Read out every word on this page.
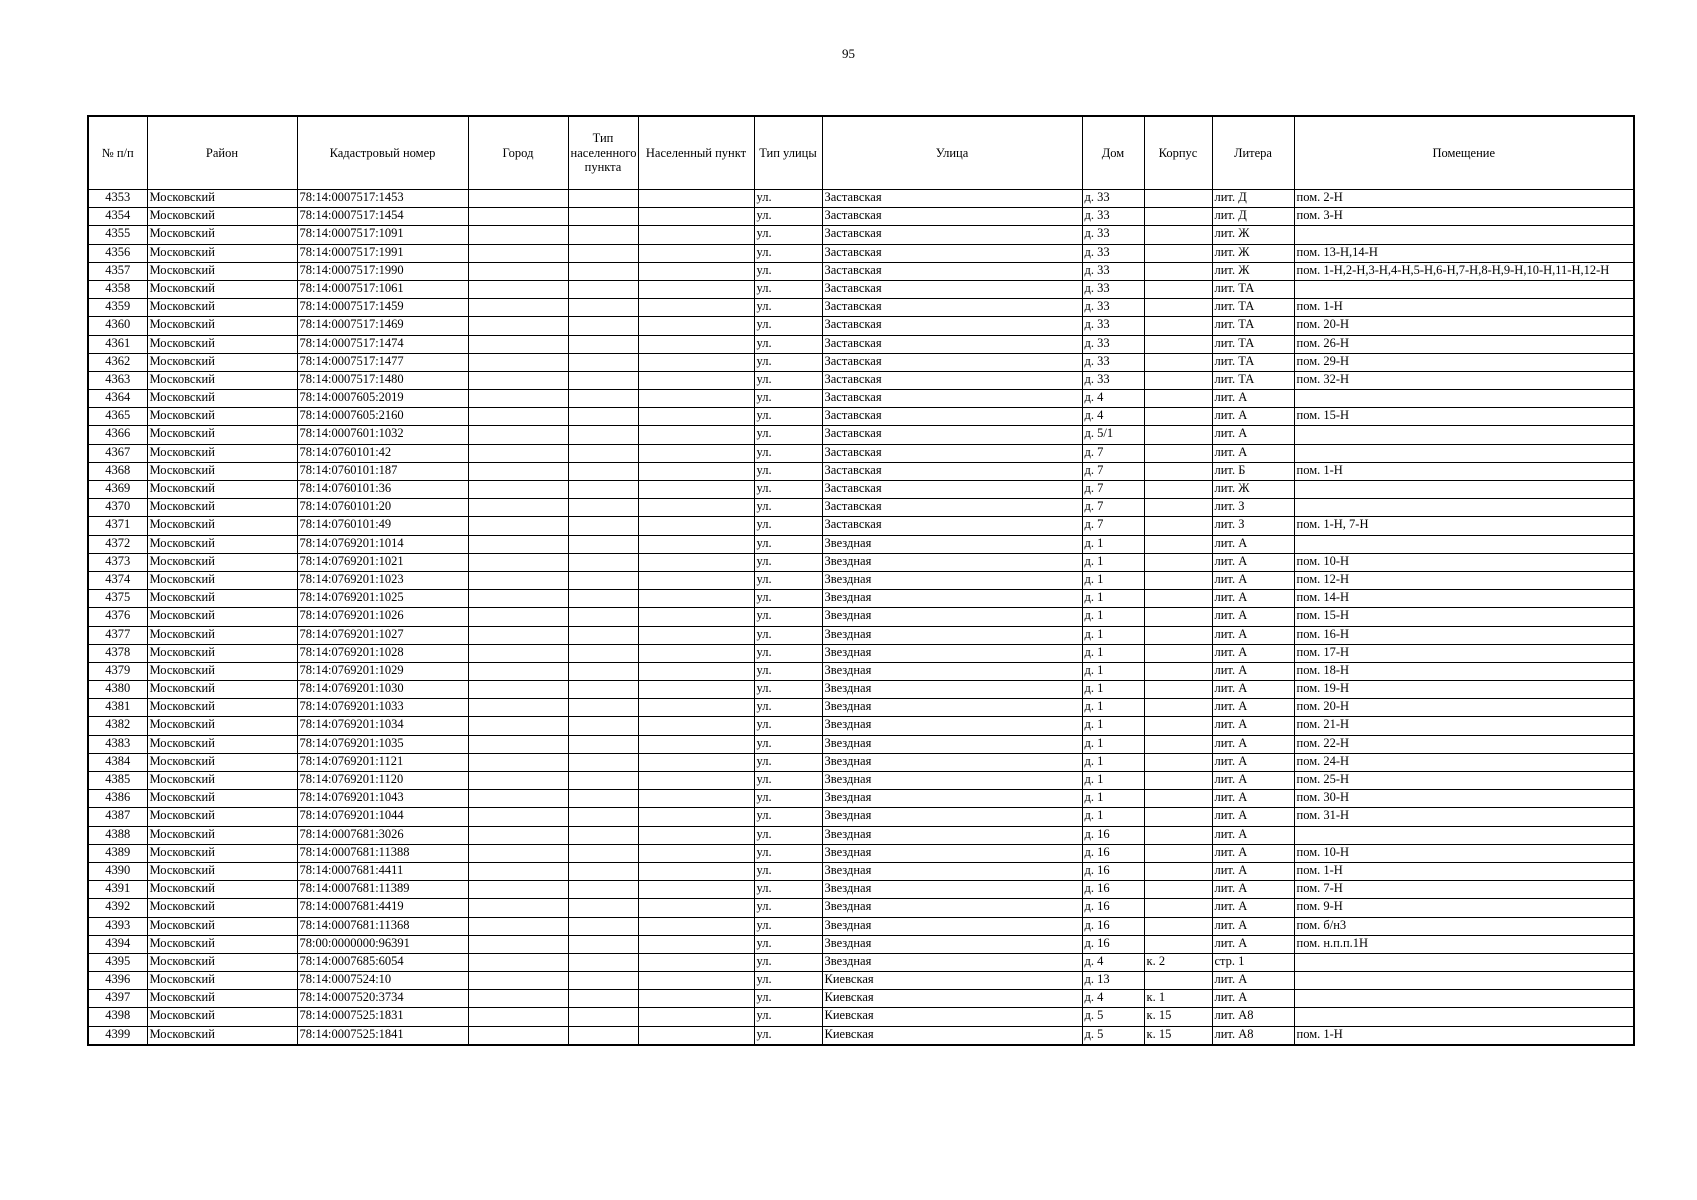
95
№ п/п	Район	Кадастровый номер	Город	Тип населенного пункта	Населенный пункт	Тип улицы	Улица	Дом	Корпус	Литера	Помещение
4353	Московский	78:14:0007517:1453				ул.	Заставская	д. 33		лит. Д	пом. 2-Н
4354	Московский	78:14:0007517:1454				ул.	Заставская	д. 33		лит. Д	пом. 3-Н
4355	Московский	78:14:0007517:1091				ул.	Заставская	д. 33		лит. Ж	
4356	Московский	78:14:0007517:1991				ул.	Заставская	д. 33		лит. Ж	пом. 13-Н,14-Н
4357	Московский	78:14:0007517:1990				ул.	Заставская	д. 33		лит. Ж	пом. 1-Н,2-Н,3-Н,4-Н,5-Н,6-Н,7-Н,8-Н,9-Н,10-Н,11-Н,12-Н
4358	Московский	78:14:0007517:1061				ул.	Заставская	д. 33		лит. ТА	
4359	Московский	78:14:0007517:1459				ул.	Заставская	д. 33		лит. ТА	пом. 1-Н
4360	Московский	78:14:0007517:1469				ул.	Заставская	д. 33		лит. ТА	пом. 20-Н
4361	Московский	78:14:0007517:1474				ул.	Заставская	д. 33		лит. ТА	пом. 26-Н
4362	Московский	78:14:0007517:1477				ул.	Заставская	д. 33		лит. ТА	пом. 29-Н
4363	Московский	78:14:0007517:1480				ул.	Заставская	д. 33		лит. ТА	пом. 32-Н
4364	Московский	78:14:0007605:2019				ул.	Заставская	д. 4		лит. А	
4365	Московский	78:14:0007605:2160				ул.	Заставская	д. 4		лит. А	пом. 15-Н
4366	Московский	78:14:0007601:1032				ул.	Заставская	д. 5/1		лит. А	
4367	Московский	78:14:0760101:42				ул.	Заставская	д. 7		лит. А	
4368	Московский	78:14:0760101:187				ул.	Заставская	д. 7		лит. Б	пом. 1-Н
4369	Московский	78:14:0760101:36				ул.	Заставская	д. 7		лит. Ж	
4370	Московский	78:14:0760101:20				ул.	Заставская	д. 7		лит. З	
4371	Московский	78:14:0760101:49				ул.	Заставская	д. 7		лит. З	пом. 1-Н, 7-Н
4372	Московский	78:14:0769201:1014				ул.	Звездная	д. 1		лит. А	
4373	Московский	78:14:0769201:1021				ул.	Звездная	д. 1		лит. А	пом. 10-Н
4374	Московский	78:14:0769201:1023				ул.	Звездная	д. 1		лит. А	пом. 12-Н
4375	Московский	78:14:0769201:1025				ул.	Звездная	д. 1		лит. А	пом. 14-Н
4376	Московский	78:14:0769201:1026				ул.	Звездная	д. 1		лит. А	пом. 15-Н
4377	Московский	78:14:0769201:1027				ул.	Звездная	д. 1		лит. А	пом. 16-Н
4378	Московский	78:14:0769201:1028				ул.	Звездная	д. 1		лит. А	пом. 17-Н
4379	Московский	78:14:0769201:1029				ул.	Звездная	д. 1		лит. А	пом. 18-Н
4380	Московский	78:14:0769201:1030				ул.	Звездная	д. 1		лит. А	пом. 19-Н
4381	Московский	78:14:0769201:1033				ул.	Звездная	д. 1		лит. А	пом. 20-Н
4382	Московский	78:14:0769201:1034				ул.	Звездная	д. 1		лит. А	пом. 21-Н
4383	Московский	78:14:0769201:1035				ул.	Звездная	д. 1		лит. А	пом. 22-Н
4384	Московский	78:14:0769201:1121				ул.	Звездная	д. 1		лит. А	пом. 24-Н
4385	Московский	78:14:0769201:1120				ул.	Звездная	д. 1		лит. А	пом. 25-Н
4386	Московский	78:14:0769201:1043				ул.	Звездная	д. 1		лит. А	пом. 30-Н
4387	Московский	78:14:0769201:1044				ул.	Звездная	д. 1		лит. А	пом. 31-Н
4388	Московский	78:14:0007681:3026				ул.	Звездная	д. 16		лит. А	
4389	Московский	78:14:0007681:11388				ул.	Звездная	д. 16		лит. А	пом. 10-Н
4390	Московский	78:14:0007681:4411				ул.	Звездная	д. 16		лит. А	пом. 1-Н
4391	Московский	78:14:0007681:11389				ул.	Звездная	д. 16		лит. А	пом. 7-Н
4392	Московский	78:14:0007681:4419				ул.	Звездная	д. 16		лит. А	пом. 9-Н
4393	Московский	78:14:0007681:11368				ул.	Звездная	д. 16		лит. А	пом. б/н3
4394	Московский	78:00:0000000:96391				ул.	Звездная	д. 16		лит. А	пом. н.п.п.1Н
4395	Московский	78:14:0007685:6054				ул.	Звездная	д. 4	к. 2	стр. 1	
4396	Московский	78:14:0007524:10				ул.	Киевская	д. 13		лит. А	
4397	Московский	78:14:0007520:3734				ул.	Киевская	д. 4	к. 1	лит. А	
4398	Московский	78:14:0007525:1831				ул.	Киевская	д. 5	к. 15	лит. А8	
4399	Московский	78:14:0007525:1841				ул.	Киевская	д. 5	к. 15	лит. А8	пом. 1-Н
